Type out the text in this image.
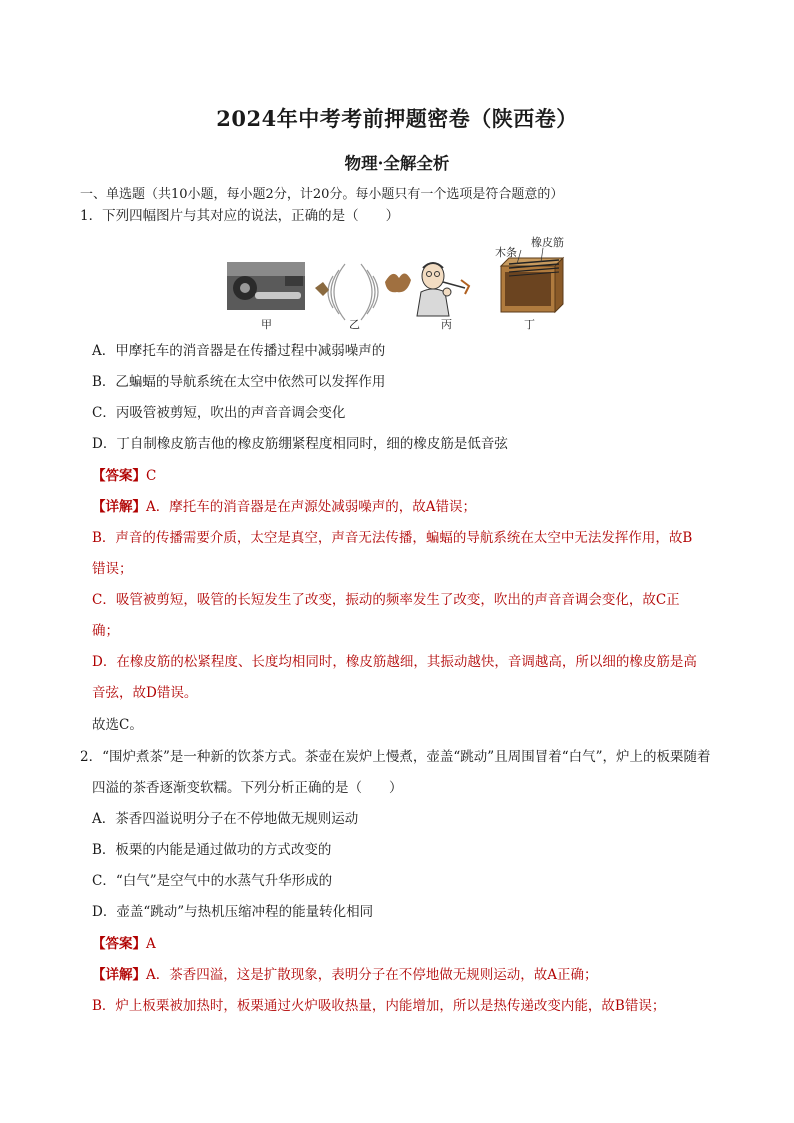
2024年中考考前押题密卷（陕西卷）
物理·全解全析
一、单选题（共10小题，每小题2分，计20分。每小题只有一个选项是符合题意的）
1．下列四幅图片与其对应的说法，正确的是（　　）
甲	乙	丙	丁
木条
橡皮筋
A．甲摩托车的消音器是在传播过程中减弱噪声的
B．乙蝙蝠的导航系统在太空中依然可以发挥作用
C．丙吸管被剪短，吹出的声音音调会变化
D．丁自制橡皮筋吉他的橡皮筋绷紧程度相同时，细的橡皮筋是低音弦
【答案】C
【详解】A．摩托车的消音器是在声源处减弱噪声的，故A错误；
B．声音的传播需要介质，太空是真空，声音无法传播，蝙蝠的导航系统在太空中无法发挥作用，故B
错误；
C．吸管被剪短，吸管的长短发生了改变，振动的频率发生了改变，吹出的声音音调会变化，故C正
确；
D．在橡皮筋的松紧程度、长度均相同时，橡皮筋越细，其振动越快，音调越高，所以细的橡皮筋是高
音弦，故D错误。
故选C。
2．“围炉煮茶”是一种新的饮茶方式。茶壶在炭炉上慢煮，壶盖“跳动”且周围冒着“白气”，炉上的板栗随着
四溢的茶香逐渐变软糯。下列分析正确的是（　　）
A．茶香四溢说明分子在不停地做无规则运动
B．板栗的内能是通过做功的方式改变的
C．“白气”是空气中的水蒸气升华形成的
D．壶盖“跳动”与热机压缩冲程的能量转化相同
【答案】A
【详解】A．茶香四溢，这是扩散现象，表明分子在不停地做无规则运动，故A正确；
B．炉上板栗被加热时，板栗通过火炉吸收热量，内能增加，所以是热传递改变内能，故B错误；
